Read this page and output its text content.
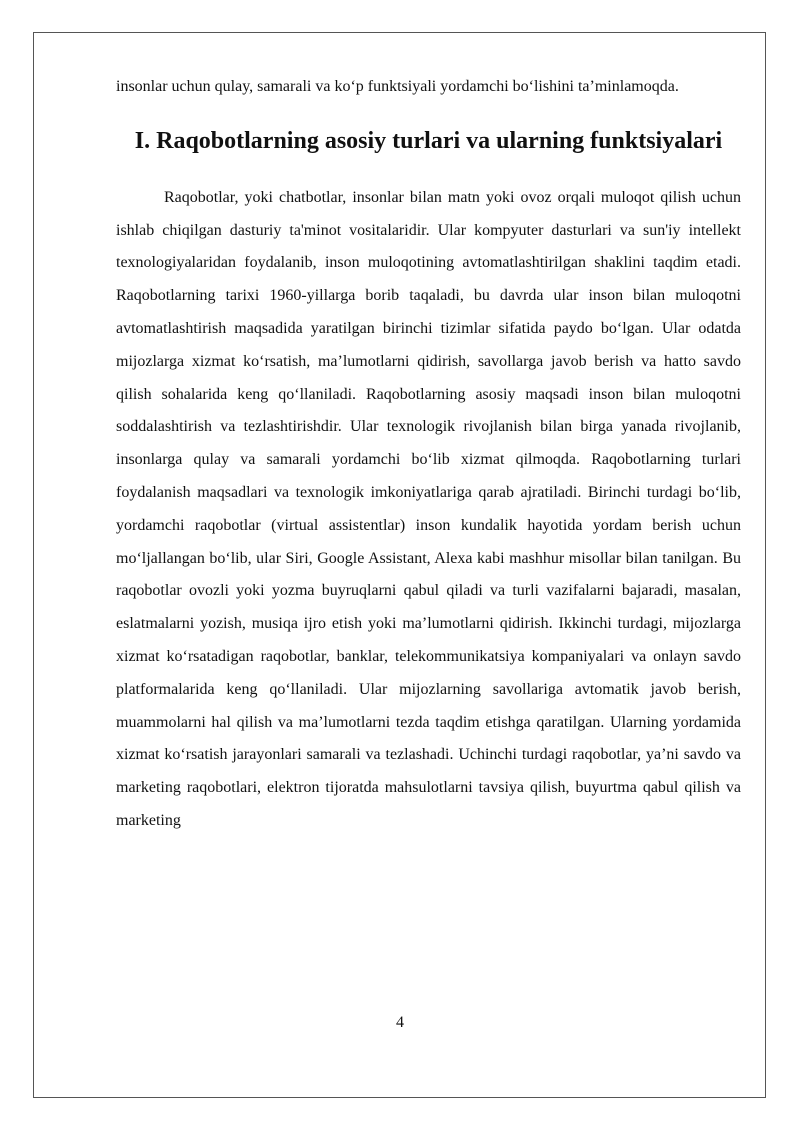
insonlar uchun qulay, samarali va ko‘p funktsiyali yordamchi bo‘lishini ta’minlamoqda.

I. Raqobotlarning asosiy turlari va ularning funktsiyalari

Raqobotlar, yoki chatbotlar, insonlar bilan matn yoki ovoz orqali muloqot qilish uchun ishlab chiqilgan dasturiy ta'minot vositalaridir. Ular kompyuter dasturlari va sun'iy intellekt texnologiyalaridan foydalanib, inson muloqotining avtomatlashtirilgan shaklini taqdim etadi. Raqobotlarning tarixi 1960-yillarga borib taqaladi, bu davrda ular inson bilan muloqotni avtomatlashtirish maqsadida yaratilgan birinchi tizimlar sifatida paydo bo‘lgan. Ular odatda mijozlarga xizmat ko‘rsatish, ma’lumotlarni qidirish, savollarga javob berish va hatto savdo qilish sohalarida keng qo‘llaniladi. Raqobotlarning asosiy maqsadi inson bilan muloqotni soddalashtirish va tezlashtirishdir. Ular texnologik rivojlanish bilan birga yanada rivojlanib, insonlarga qulay va samarali yordamchi bo‘lib xizmat qilmoqda. Raqobotlarning turlari foydalanish maqsadlari va texnologik imkoniyatlariga qarab ajratiladi. Birinchi turdagi bo‘lib, yordamchi raqobotlar (virtual assistentlar) inson kundalik hayotida yordam berish uchun mo‘ljallangan bo‘lib, ular Siri, Google Assistant, Alexa kabi mashhur misollar bilan tanilgan. Bu raqobotlar ovozli yoki yozma buyruqlarni qabul qiladi va turli vazifalarni bajaradi, masalan, eslatmalarni yozish, musiqa ijro etish yoki ma’lumotlarni qidirish. Ikkinchi turdagi, mijozlarga xizmat ko‘rsatadigan raqobotlar, banklar, telekommunikatsiya kompaniyalari va onlayn savdo platformalarida keng qo‘llaniladi. Ular mijozlarning savollariga avtomatik javob berish, muammolarni hal qilish va ma’lumotlarni tezda taqdim etishga qaratilgan. Ularning yordamida xizmat ko‘rsatish jarayonlari samarali va tezlashadi. Uchinchi turdagi raqobotlar, ya’ni savdo va marketing raqobotlari, elektron tijoratda mahsulotlarni tavsiya qilish, buyurtma qabul qilish va marketing

4
